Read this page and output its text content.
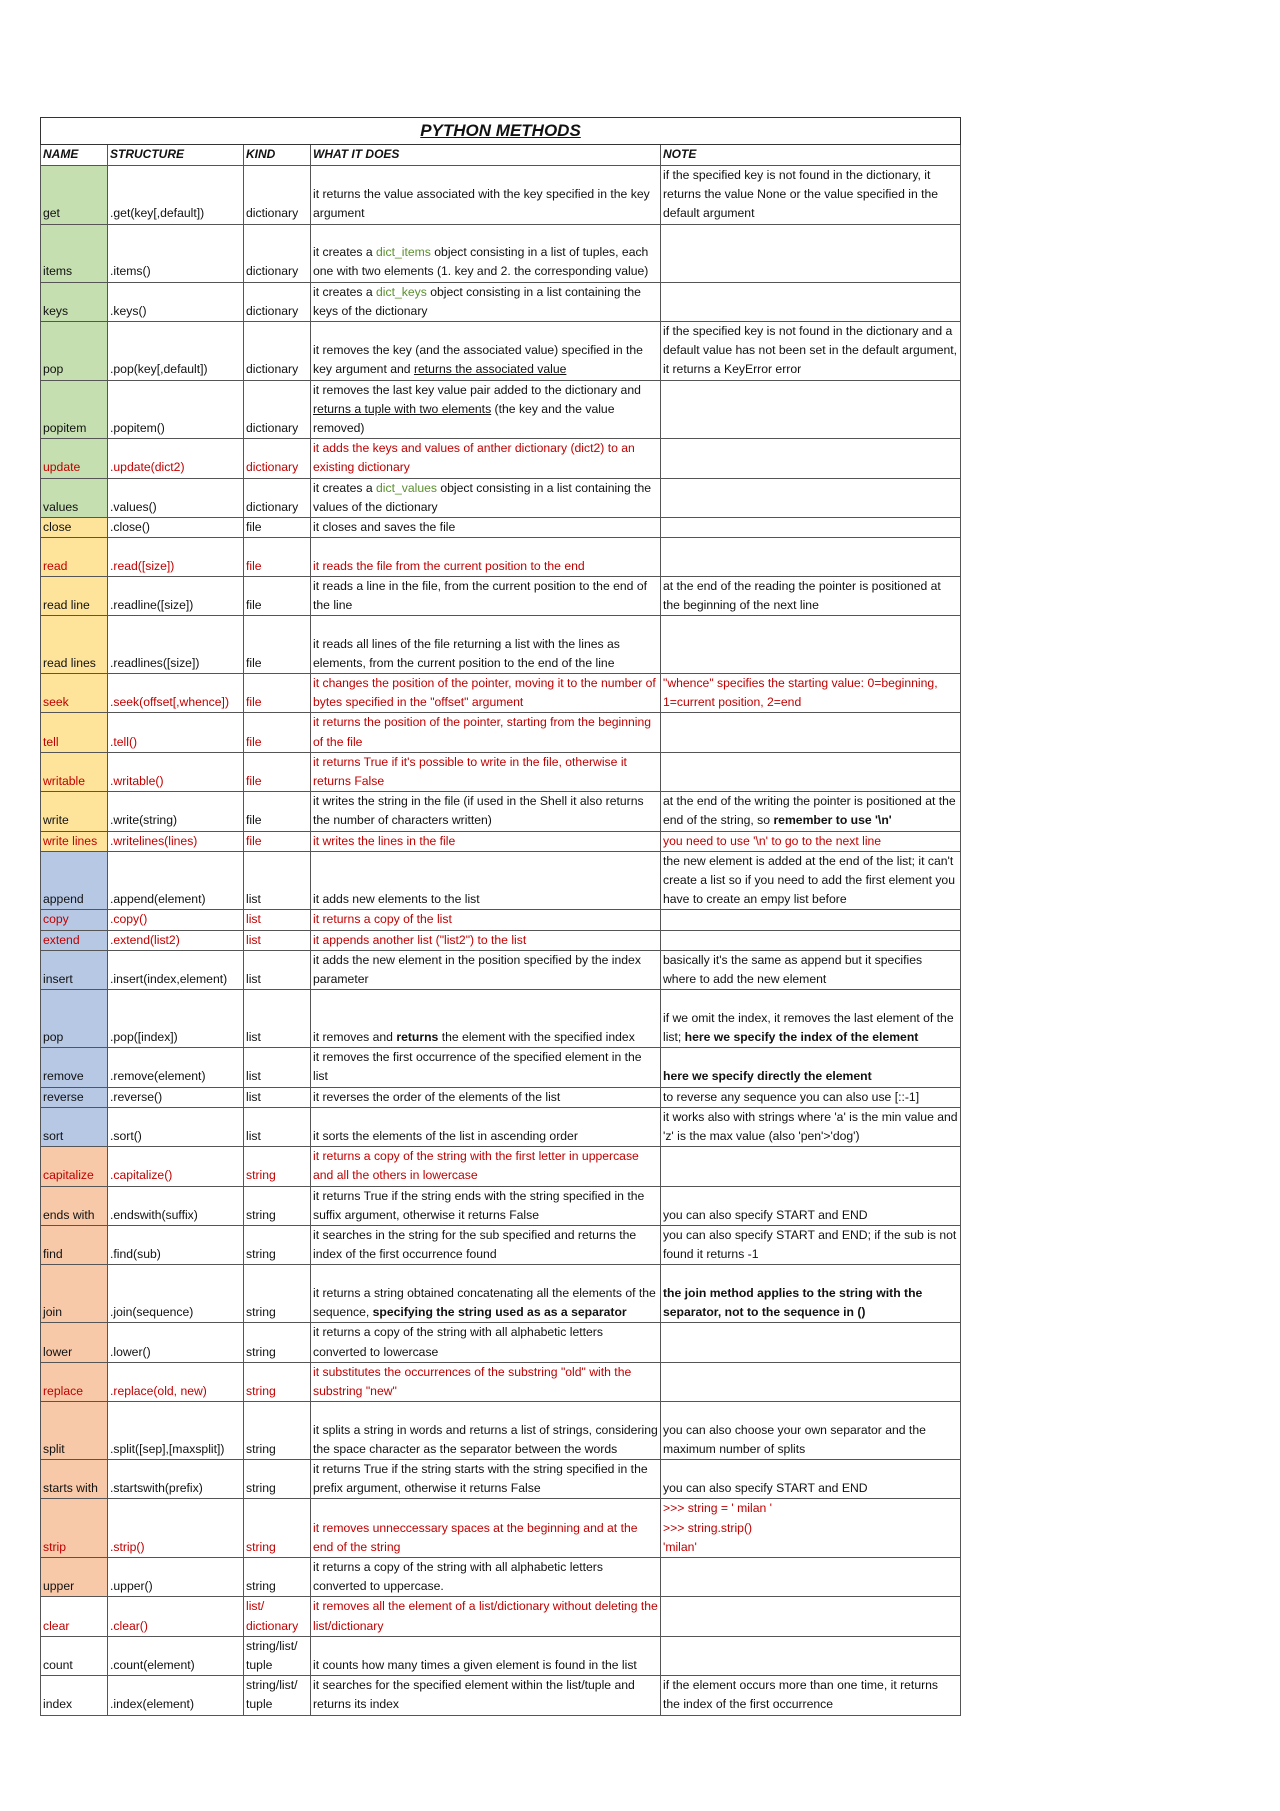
PYTHON METHODS				
NAME	STRUCTURE	KIND	WHAT IT DOES	NOTE
get	.get(key[,default])	dictionary	it returns the value associated with the key specified in the key argument	if the specified key is not found in the dictionary, it returns the value None or the value specified in the default argument
items	.items()	dictionary	it creates a dict_items object consisting in a list of tuples, each one with two elements (1. key and 2. the corresponding value)	
keys	.keys()	dictionary	it creates a dict_keys object consisting in a list containing the keys of the dictionary	
pop	.pop(key[,default])	dictionary	it removes the key (and the associated value) specified in the key argument and returns the associated value	if the specified key is not found in the dictionary and a default value has not been set in the default argument, it returns a KeyError error
popitem	.popitem()	dictionary	it removes the last key value pair added to the dictionary and returns a tuple with two elements (the key and the value removed)	
update	.update(dict2)	dictionary	it adds the keys and values of anther dictionary (dict2) to an existing dictionary	
values	.values()	dictionary	it creates a dict_values object consisting in a list containing the values of the dictionary	
close	.close()	file	it closes and saves the file	
read	.read([size])	file	it reads the file from the current position to the end	
read line	.readline([size])	file	it reads a line in the file, from the current position to the end of the line	at the end of the reading the pointer is positioned at the beginning of the next line
read lines	.readlines([size])	file	it reads all lines of the file returning a list with the lines as elements, from the current position to the end of the line	
seek	.seek(offset[,whence])	file	it changes the position of the pointer, moving it to the number of bytes specified in the "offset" argument	"whence" specifies the starting value: 0=beginning, 1=current position, 2=end
tell	.tell()	file	it returns the position of the pointer, starting from the beginning of the file	
writable	.writable()	file	it returns True if it's possible to write in the file, otherwise it returns False	
write	.write(string)	file	it writes the string in the file (if used in the Shell it also returns the number of characters written)	at the end of the writing the pointer is positioned at the end of the string, so remember to use '\n'
write lines	.writelines(lines)	file	it writes the lines in the file	you need to use '\n' to go to the next line
append	.append(element)	list	it adds new elements to the list	the new element is added at the end of the list; it can't create a list so if you need to add the first element you have to create an empy list before
copy	.copy()	list	it returns a copy of the list	
extend	.extend(list2)	list	it appends another list ("list2") to the list	
insert	.insert(index,element)	list	it adds the new element in the position specified by the index parameter	basically it's the same as append but it specifies where to add the new element
pop	.pop([index])	list	it removes and returns the element with the specified index	if we omit the index, it removes the last element of the list; here we specify the index of the element
remove	.remove(element)	list	it removes the first occurrence of the specified element in the list	here we specify directly the element
reverse	.reverse()	list	it reverses the order of the elements of the list	to reverse any sequence you can also use [::-1]
sort	.sort()	list	it sorts the elements of the list in ascending order	it works also with strings where 'a' is the min value and 'z' is the max value (also 'pen'>'dog')
capitalize	.capitalize()	string	it returns a copy of the string with the first letter in uppercase and all the others in lowercase	
ends with	.endswith(suffix)	string	it returns True if the string ends with the string specified in the suffix argument, otherwise it returns False	you can also specify START and END
find	.find(sub)	string	it searches in the string for the sub specified and returns the index of the first occurrence found	you can also specify START and END; if the sub is not found it returns -1
join	.join(sequence)	string	it returns a string obtained concatenating all the elements of the sequence, specifying the string used as as a separator	the join method applies to the string with the separator, not to the sequence in ()
lower	.lower()	string	it returns a copy of the string with all alphabetic letters converted to lowercase	
replace	.replace(old, new)	string	it substitutes the occurrences of the substring "old" with the substring "new"	
split	.split([sep],[maxsplit])	string	it splits a string in words and returns a list of strings, considering the space character as the separator between the words	you can also choose your own separator and the maximum number of splits
starts with	.startswith(prefix)	string	it returns True if the string starts with the string specified in the prefix argument, otherwise it returns False	you can also specify START and END
strip	.strip()	string	it removes unneccessary spaces at the beginning and at the end of the string	>>> string = ' milan '
>>> string.strip()
'milan'
upper	.upper()	string	it returns a copy of the string with all alphabetic letters converted to uppercase.	
clear	.clear()	list/ dictionary	it removes all the element of a list/dictionary without deleting the list/dictionary	
count	.count(element)	string/list/ tuple	it counts how many times a given element is found in the list	
index	.index(element)	string/list/ tuple	it searches for the specified element within the list/tuple and returns its index	if the element occurs more than one time, it returns the index of the first occurrence
